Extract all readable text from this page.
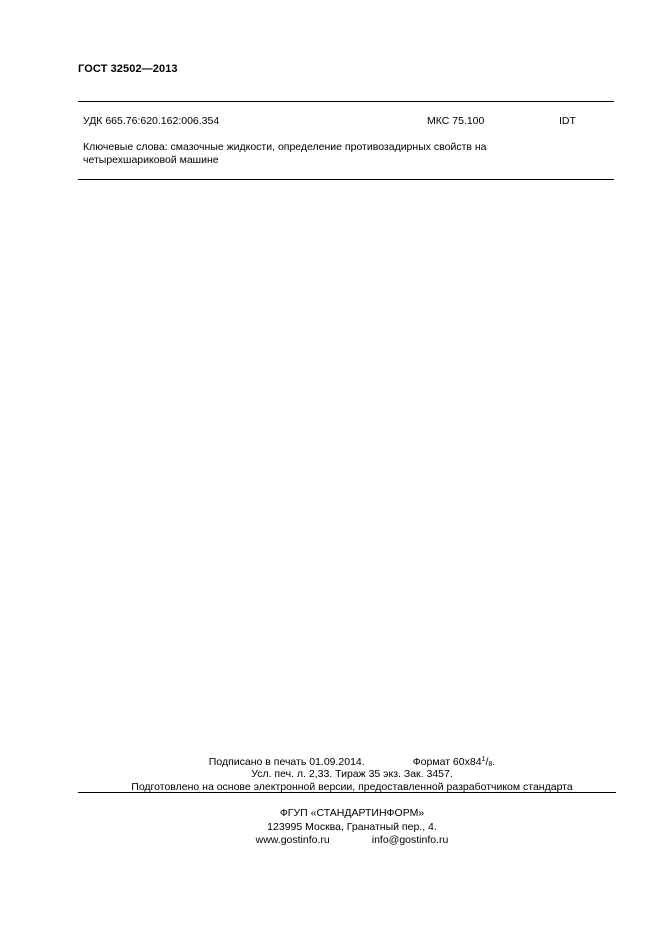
ГОСТ 32502—2013
УДК 665.76:620.162:006.354	МКС 75.100	IDT
Ключевые слова: смазочные жидкости, определение противозадирных свойств на четырехшариковой машине
Подписано в печать 01.09.2014.	Формат $60x84^1/_8$.
Усл. печ. л. 2,33. Тираж 35 экз. Зак. 3457.
Подготовлено на основе электронной версии, предоставленной разработчиком стандарта
ФГУП «СТАНДАРТИНФОРМ»
123995 Москва, Гранатный пер., 4.
www.gostinfo.ru	info@gostinfo.ru
